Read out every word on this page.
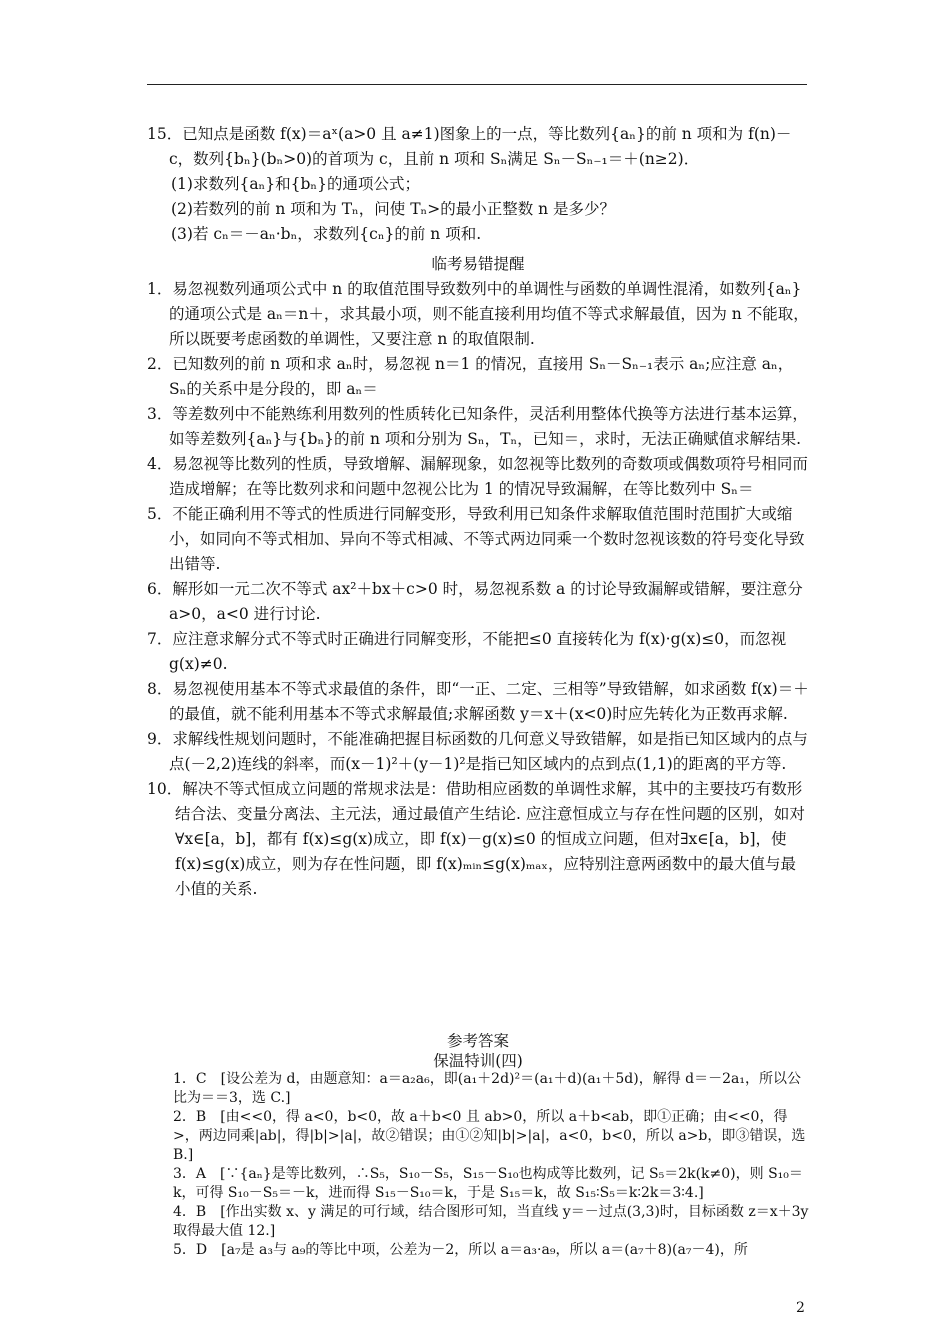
15．已知点是函数 f(x)＝aˣ(a>0 且 a≠1)图象上的一点，等比数列{aₙ}的前 n 项和为 f(n)－c，数列{bₙ}(bₙ>0)的首项为 c，且前 n 项和 Sₙ满足 Sₙ－Sₙ₋₁＝＋(n≥2)．

(1)求数列{aₙ}和{bₙ}的通项公式；

(2)若数列的前 n 项和为 Tₙ，问使 Tₙ>的最小正整数 n 是多少？

(3)若 cₙ＝－aₙ·bₙ，求数列{cₙ}的前 n 项和.

临考易错提醒

1．易忽视数列通项公式中 n 的取值范围导致数列中的单调性与函数的单调性混淆，如数列{aₙ}的通项公式是 aₙ＝n＋，求其最小项，则不能直接利用均值不等式求解最值，因为 n 不能取，所以既要考虑函数的单调性，又要注意 n 的取值限制.

2．已知数列的前 n 项和求 aₙ时，易忽视 n＝1 的情况，直接用 Sₙ－Sₙ₋₁表示 aₙ;应注意 aₙ，Sₙ的关系中是分段的，即 aₙ＝

3．等差数列中不能熟练利用数列的性质转化已知条件，灵活利用整体代换等方法进行基本运算，如等差数列{aₙ}与{bₙ}的前 n 项和分别为 Sₙ，Tₙ，已知＝，求时，无法正确赋值求解结果.

4．易忽视等比数列的性质，导致增解、漏解现象，如忽视等比数列的奇数项或偶数项符号相同而造成增解；在等比数列求和问题中忽视公比为 1 的情况导致漏解，在等比数列中 Sₙ＝

5．不能正确利用不等式的性质进行同解变形，导致利用已知条件求解取值范围时范围扩大或缩小，如同向不等式相加、异向不等式相减、不等式两边同乘一个数时忽视该数的符号变化导致出错等.

6．解形如一元二次不等式 ax²＋bx＋c>0 时，易忽视系数 a 的讨论导致漏解或错解，要注意分 a>0，a<0 进行讨论.

7．应注意求解分式不等式时正确进行同解变形，不能把≤0 直接转化为 f(x)·g(x)≤0，而忽视 g(x)≠0.

8．易忽视使用基本不等式求最值的条件，即“一正、二定、三相等”导致错解，如求函数 f(x)＝＋的最值，就不能利用基本不等式求解最值;求解函数 y＝x＋(x<0)时应先转化为正数再求解.

9．求解线性规划问题时，不能准确把握目标函数的几何意义导致错解，如是指已知区域内的点与点(－2,2)连线的斜率，而(x－1)²＋(y－1)²是指已知区域内的点到点(1,1)的距离的平方等.

10．解决不等式恒成立问题的常规求法是：借助相应函数的单调性求解，其中的主要技巧有数形结合法、变量分离法、主元法，通过最值产生结论. 应注意恒成立与存在性问题的区别，如对∀x∈[a，b]，都有 f(x)≤g(x)成立，即 f(x)－g(x)≤0 的恒成立问题，但对∃x∈[a，b]，使 f(x)≤g(x)成立，则为存在性问题，即 f(x)ₘᵢₙ≤g(x)ₘₐₓ，应特别注意两函数中的最大值与最小值的关系.

参考答案

保温特训(四)

1．C　[设公差为 d，由题意知：a＝a₂a₆，即(a₁＋2d)²＝(a₁＋d)(a₁＋5d)，解得 d＝－2a₁，所以公比为＝＝3，选 C.]

2．B　[由<<0，得 a<0，b<0，故 a＋b<0 且 ab>0，所以 a＋b<ab，即①正确；由<<0，得>，两边同乘|ab|，得|b|>|a|，故②错误；由①②知|b|>|a|，a<0，b<0，所以 a>b，即③错误，选 B.]

3．A　[∵{aₙ}是等比数列，∴S₅，S₁₀－S₅，S₁₅－S₁₀也构成等比数列，记 S₅＝2k(k≠0)，则 S₁₀＝k，可得 S₁₀－S₅＝－k，进而得 S₁₅－S₁₀＝k，于是 S₁₅＝k，故 S₁₅∶S₅＝k∶2k＝3∶4.]

4．B　[作出实数 x、y 满足的可行域，结合图形可知，当直线 y＝－过点(3,3)时，目标函数 z＝x＋3y 取得最大值 12.]

5．D　[a₇是 a₃与 a₉的等比中项，公差为－2，所以 a＝a₃·a₉，所以 a＝(a₇＋8)(a₇－4)，所

2
